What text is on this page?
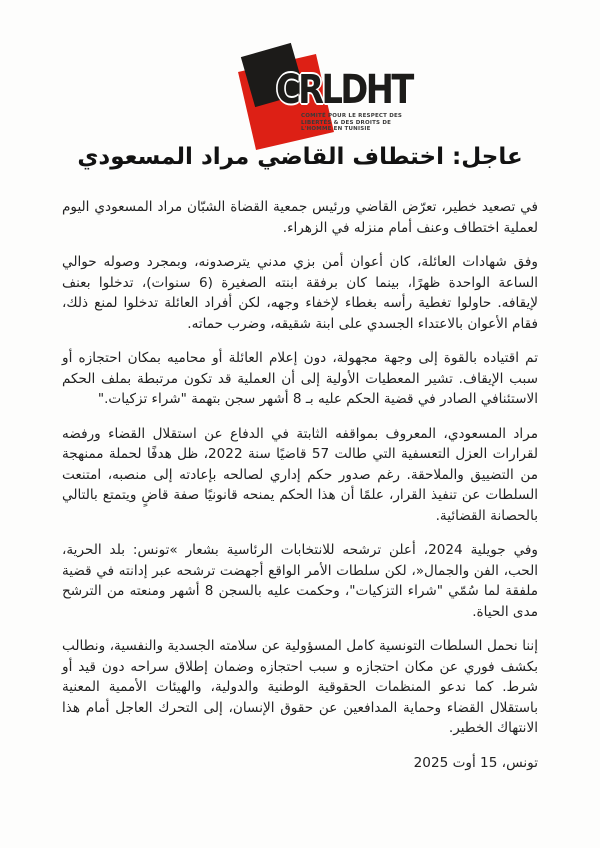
CRLDHT
COMITÉ POUR LE RESPECT DES LIBERTÉS & DES DROITS DE L'HOMME EN TUNISIE
عاجل: اختطاف القاضي مراد المسعودي

في تصعيد خطير، تعرّض القاضي ورئيس جمعية القضاة الشبّان مراد المسعودي اليوم لعملية اختطاف وعنف أمام منزله في الزهراء.

وفق شهادات العائلة، كان أعوان أمن بزي مدني يترصدونه، وبمجرد وصوله حوالي الساعة الواحدة ظهرًا، بينما كان برفقة ابنته الصغيرة (6 سنوات)، تدخلوا بعنف لإيقافه. حاولوا تغطية رأسه بغطاء لإخفاء وجهه، لكن أفراد العائلة تدخلوا لمنع ذلك، فقام الأعوان بالاعتداء الجسدي على ابنة شقيقه، وضرب حماته.

تم اقتياده بالقوة إلى وجهة مجهولة، دون إعلام العائلة أو محاميه بمكان احتجازه أو سبب الإيقاف. تشير المعطيات الأولية إلى أن العملية قد تكون مرتبطة بملف الحكم الاستئنافي الصادر في قضية الحكم عليه بـ 8 أشهر سجن بتهمة "شراء تزكيات."

مراد المسعودي، المعروف بمواقفه الثابتة في الدفاع عن استقلال القضاء ورفضه لقرارات العزل التعسفية التي طالت 57 قاضيًا سنة 2022، ظل هدفًا لحملة ممنهجة من التضييق والملاحقة. رغم صدور حكم إداري لصالحه بإعادته إلى منصبه، امتنعت السلطات عن تنفيذ القرار، علمًا أن هذا الحكم يمنحه قانونيًا صفة قاضٍ ويتمتع بالتالي بالحصانة القضائية.

وفي جويلية 2024، أعلن ترشحه للانتخابات الرئاسية بشعار »تونس: بلد الحرية، الحب، الفن والجمال«، لكن سلطات الأمر الواقع أجهضت ترشحه عبر إدانته في قضية ملفقة لما سُمّي "شراء التزكيات"، وحكمت عليه بالسجن 8 أشهر ومنعته من الترشح مدى الحياة.

إننا نحمل السلطات التونسية كامل المسؤولية عن سلامته الجسدية والنفسية، ونطالب بكشف فوري عن مكان احتجازه و سبب احتجازه وضمان إطلاق سراحه دون قيد أو شرط. كما ندعو المنظمات الحقوقية الوطنية والدولية، والهيئات الأممية المعنية باستقلال القضاء وحماية المدافعين عن حقوق الإنسان، إلى التحرك العاجل أمام هذا الانتهاك الخطير.

تونس، 15 أوت 2025
